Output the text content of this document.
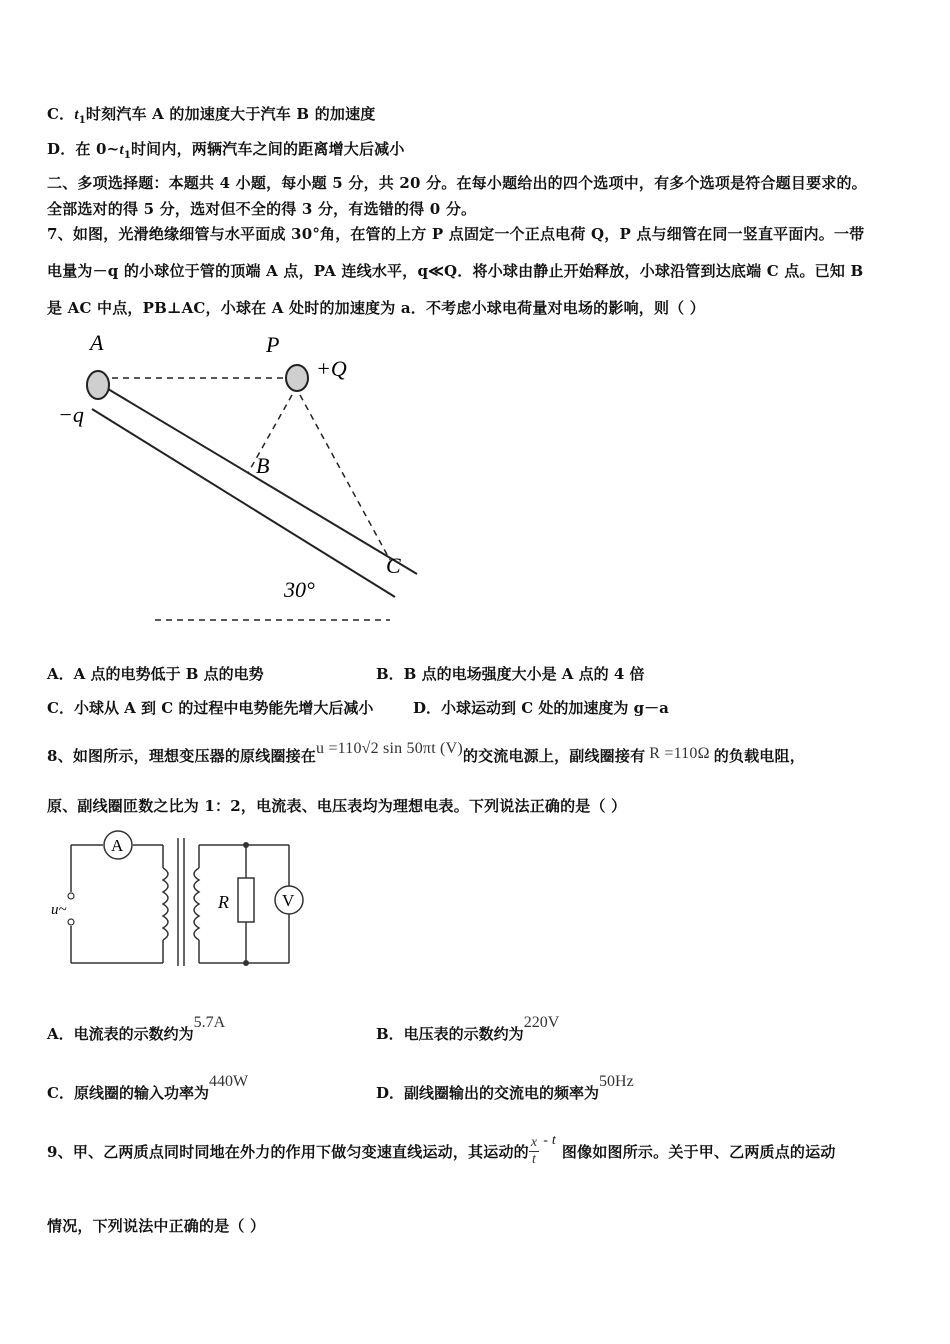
C．$t_1$时刻汽车 A 的加速度大于汽车 B 的加速度
D．在 $0\sim t_1$时间内，两辆汽车之间的距离增大后减小
二、多项选择题：本题共 4 小题，每小题 5 分，共 20 分。在每小题给出的四个选项中，有多个选项是符合题目要求的。
全部选对的得 5 分，选对但不全的得 3 分，有选错的得 0 分。
7、如图，光滑绝缘细管与水平面成 30°角，在管的上方 P 点固定一个正点电荷 Q，P 点与细管在同一竖直平面内。一带
电量为－q 的小球位于管的顶端 A 点，PA 连线水平，q≪Q．将小球由静止开始释放，小球沿管到达底端 C 点。已知 B
是 AC 中点，PB⊥AC，小球在 A 处时的加速度为 a．不考虑小球电荷量对电场的影响，则（ ）
A	P
+Q
−q
B
C
30°
A．A 点的电势低于 B 点的电势	B．B 点的电场强度大小是 A 点的 4 倍
C．小球从 A 到 C 的过程中电势能先增大后减小	D．小球运动到 C 处的加速度为 g－a
8、如图所示，理想变压器的原线圈接在u =110√2 sin 50πt (V)的交流电源上，副线圈接有 R =110Ω 的负载电阻，
原、副线圈匝数之比为 1：2，电流表、电压表均为理想电表。下列说法正确的是（ ）
A
u~	R	V
A．电流表的示数约为5.7A
B．电压表的示数约为220V
C．原线圈的输入功率为440W
D．副线圈输出的交流电的频率为50Hz
9、甲、乙两质点同时同地在外力的作用下做匀变速直线运动，其运动的 $\frac{x}{t}$ - t图像如图所示。关于甲、乙两质点的运动
情况，下列说法中正确的是（ ）
